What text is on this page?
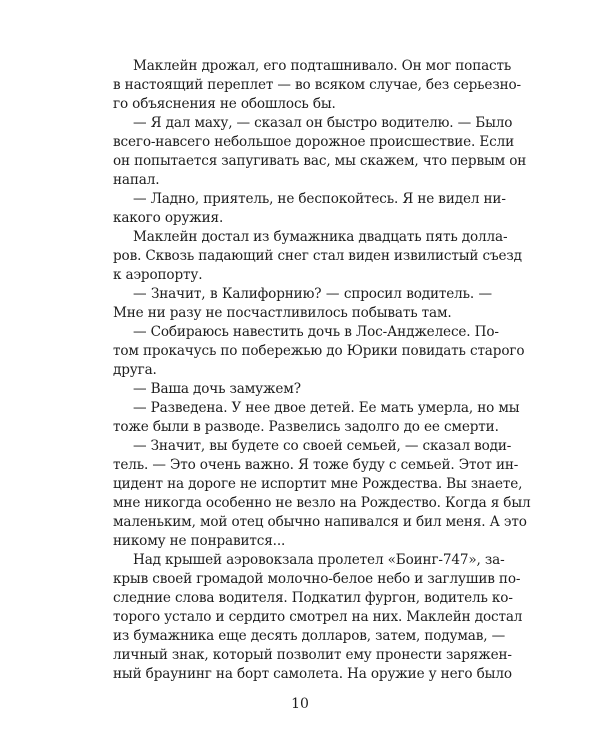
Маклейн дрожал, его подташнивало. Он мог попасть
в настоящий переплет — во всяком случае, без серьезно-
го объяснения не обошлось бы.
— Я дал маху, — сказал он быстро водителю. — Было
всего-навсего небольшое дорожное происшествие. Если
он попытается запугивать вас, мы скажем, что первым он
напал.
— Ладно, приятель, не беспокойтесь. Я не видел ни-
какого оружия.
Маклейн достал из бумажника двадцать пять долла-
ров. Сквозь падающий снег стал виден извилистый съезд
к аэропорту.
— Значит, в Калифорнию? — спросил водитель. —
Мне ни разу не посчастливилось побывать там.
— Собираюсь навестить дочь в Лос-Анджелесе. По-
том прокачусь по побережью до Юрики повидать старого
друга.
— Ваша дочь замужем?
— Разведена. У нее двое детей. Ее мать умерла, но мы
тоже были в разводе. Развелись задолго до ее смерти.
— Значит, вы будете со своей семьей, — сказал води-
тель. — Это очень важно. Я тоже буду с семьей. Этот ин-
цидент на дороге не испортит мне Рождества. Вы знаете,
мне никогда особенно не везло на Рождество. Когда я был
маленьким, мой отец обычно напивался и бил меня. А это
никому не понравится...
Над крышей аэровокзала пролетел «Боинг-747», за-
крыв своей громадой молочно-белое небо и заглушив по-
следние слова водителя. Подкатил фургон, водитель ко-
торого устало и сердито смотрел на них. Маклейн достал
из бумажника еще десять долларов, затем, подумав, —
личный знак, который позволит ему пронести заряжен-
ный браунинг на борт самолета. На оружие у него было
10
